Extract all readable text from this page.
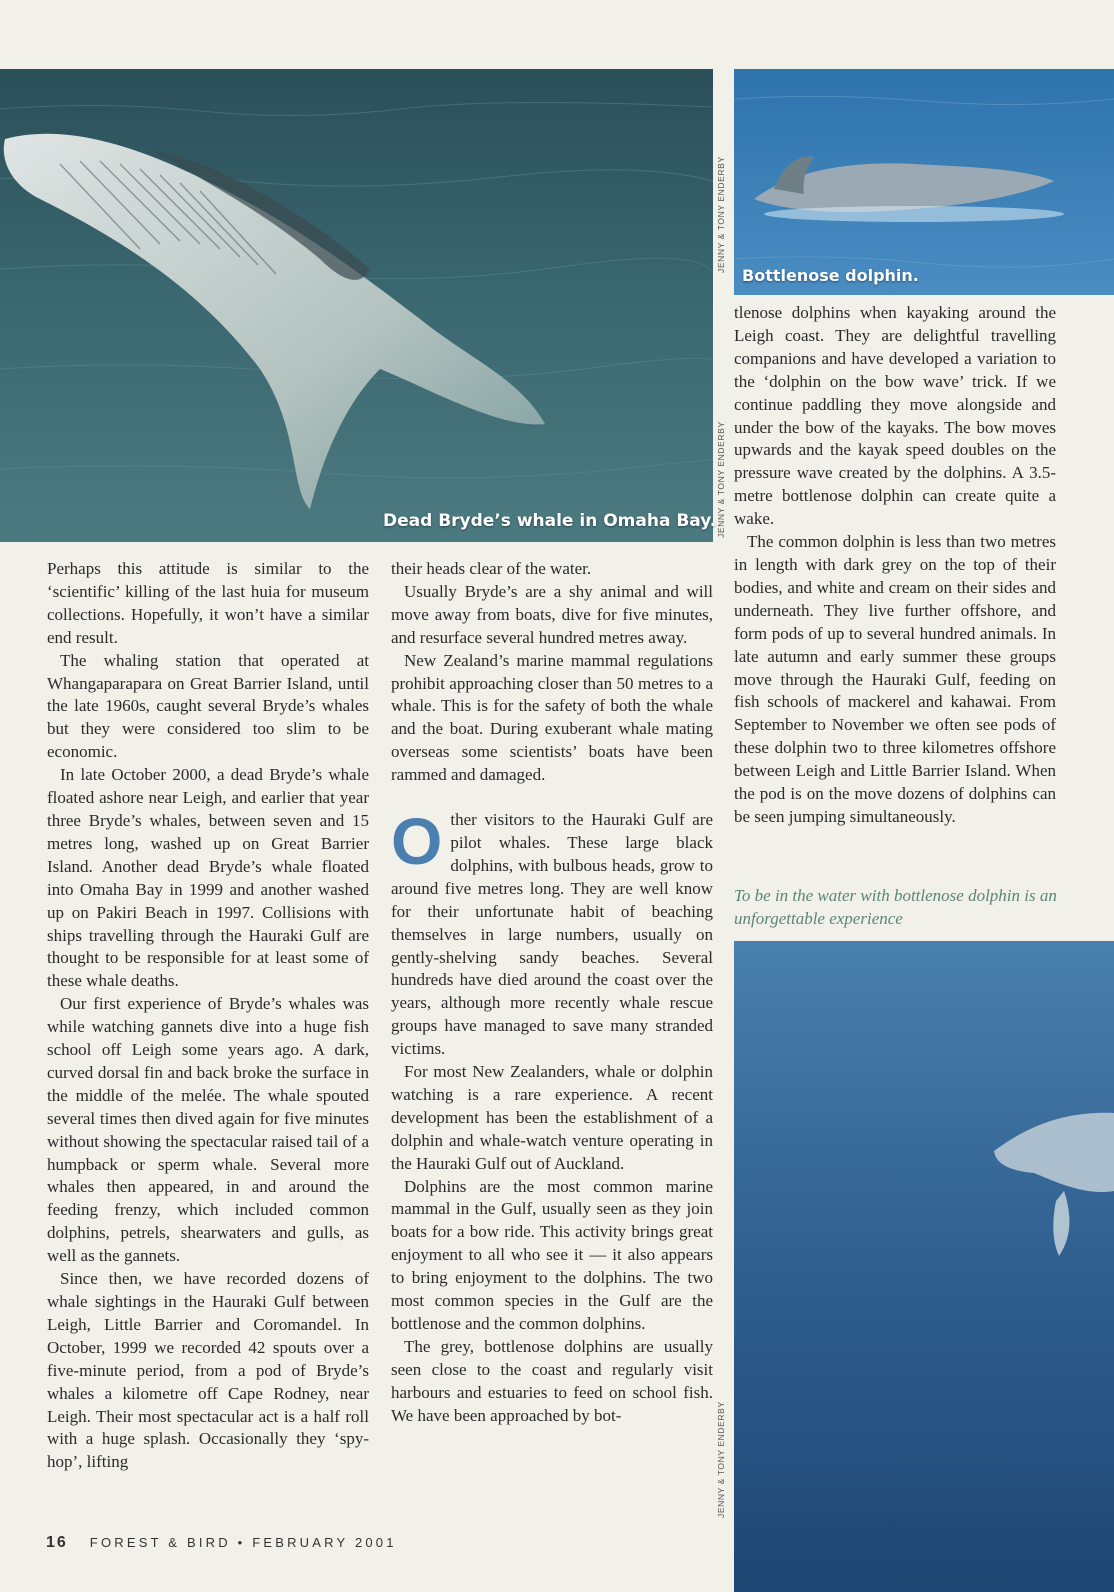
Dead Bryde’s whale in Omaha Bay. JENNY & TONY ENDERBY
Bottlenose dolphin.
JENNY & TONY ENDERBY
JENNY & TONY ENDERBY

Perhaps this attitude is similar to the ‘scientific’ killing of the last huia for museum collections. Hopefully, it won’t have a similar end result.

The whaling station that operated at Whangaparapara on Great Barrier Island, until the late 1960s, caught several Bryde’s whales but they were considered too slim to be economic.

In late October 2000, a dead Bryde’s whale floated ashore near Leigh, and earlier that year three Bryde’s whales, between seven and 15 metres long, washed up on Great Barrier Island. Another dead Bryde’s whale floated into Omaha Bay in 1999 and another washed up on Pakiri Beach in 1997. Collisions with ships travelling through the Hauraki Gulf are thought to be responsible for at least some of these whale deaths.

Our first experience of Bryde’s whales was while watching gannets dive into a huge fish school off Leigh some years ago. A dark, curved dorsal fin and back broke the surface in the middle of the melée. The whale spouted several times then dived again for five minutes without showing the spectacular raised tail of a humpback or sperm whale. Several more whales then appeared, in and around the feeding frenzy, which included common dolphins, petrels, shearwaters and gulls, as well as the gannets.

Since then, we have recorded dozens of whale sightings in the Hauraki Gulf between Leigh, Little Barrier and Coromandel. In October, 1999 we recorded 42 spouts over a five-minute period, from a pod of Bryde’s whales a kilometre off Cape Rodney, near Leigh. Their most spectacular act is a half roll with a huge splash. Occasionally they ‘spy-hop’, lifting

their heads clear of the water.

Usually Bryde’s are a shy animal and will move away from boats, dive for five minutes, and resurface several hundred metres away.

New Zealand’s marine mammal regulations prohibit approaching closer than 50 metres to a whale. This is for the safety of both the whale and the boat. During exuberant whale mating overseas some scientists’ boats have been rammed and damaged.

Other visitors to the Hauraki Gulf are pilot whales. These large black dolphins, with bulbous heads, grow to around five metres long. They are well know for their unfortunate habit of beaching themselves in large numbers, usually on gently-shelving sandy beaches. Several hundreds have died around the coast over the years, although more recently whale rescue groups have managed to save many stranded victims.

For most New Zealanders, whale or dolphin watching is a rare experience. A recent development has been the establishment of a dolphin and whale-watch venture operating in the Hauraki Gulf out of Auckland.

Dolphins are the most common marine mammal in the Gulf, usually seen as they join boats for a bow ride. This activity brings great enjoyment to all who see it — it also appears to bring enjoyment to the dolphins. The two most common species in the Gulf are the bottlenose and the common dolphins.

The grey, bottlenose dolphins are usually seen close to the coast and regularly visit harbours and estuaries to feed on school fish. We have been approached by bot-

tlenose dolphins when kayaking around the Leigh coast. They are delightful travelling companions and have developed a variation to the ‘dolphin on the bow wave’ trick. If we continue paddling they move alongside and under the bow of the kayaks. The bow moves upwards and the kayak speed doubles on the pressure wave created by the dolphins. A 3.5-metre bottlenose dolphin can create quite a wake.

The common dolphin is less than two metres in length with dark grey on the top of their bodies, and white and cream on their sides and underneath. They live further offshore, and form pods of up to several hundred animals. In late autumn and early summer these groups move through the Hauraki Gulf, feeding on fish schools of mackerel and kahawai. From September to November we often see pods of these dolphin two to three kilometres offshore between Leigh and Little Barrier Island. When the pod is on the move dozens of dolphins can be seen jumping simultaneously.

To be in the water with bottlenose dolphin is an unforgettable experience
16 FOREST & BIRD • FEBRUARY 2001
